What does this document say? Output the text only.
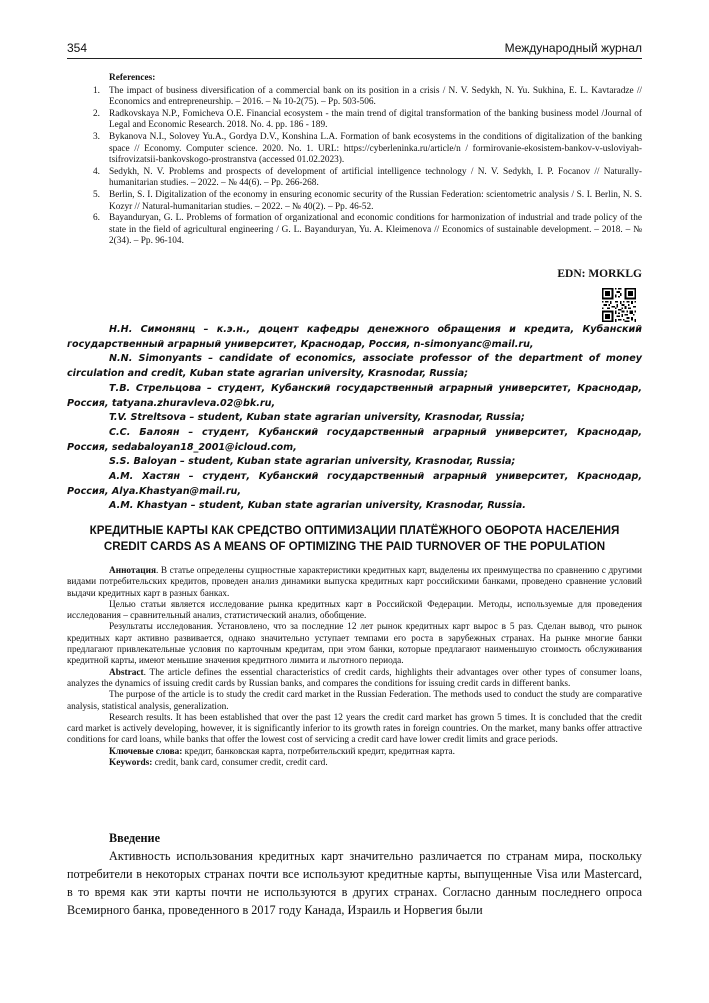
354	Международный журнал
References:
1. The impact of business diversification of a commercial bank on its position in a crisis / N. V. Sedykh, N. Yu. Sukhina, E. L. Kavtaradze // Economics and entrepreneurship. – 2016. – № 10-2(75). – Pp. 503-506.
2. Radkovskaya N.P., Fomicheva O.E. Financial ecosystem - the main trend of digital transformation of the banking business model /Journal of Legal and Economic Research. 2018. No. 4. pp. 186 - 189.
3. Bykanova N.I., Solovey Yu.A., Gordya D.V., Konshina L.A. Formation of bank ecosystems in the conditions of digitalization of the banking space // Economy. Computer science. 2020. No. 1. URL: https://cyberleninka.ru/article/n / formirovanie-ekosistem-bankov-v-usloviyah-tsifrovizatsii-bankovskogo-prostranstva (accessed 01.02.2023).
4. Sedykh, N. V. Problems and prospects of development of artificial intelligence technology / N. V. Sedykh, I. P. Focanov // Naturally-humanitarian studies. – 2022. – № 44(6). – Pp. 266-268.
5. Berlin, S. I. Digitalization of the economy in ensuring economic security of the Russian Federation: scientometric analysis / S. I. Berlin, N. S. Kozyr // Natural-humanitarian studies. – 2022. – № 40(2). – Pp. 46-52.
6. Bayanduryan, G. L. Problems of formation of organizational and economic conditions for harmonization of industrial and trade policy of the state in the field of agricultural engineering / G. L. Bayanduryan, Yu. A. Kleimenova // Economics of sustainable development. – 2018. – № 2(34). – Pp. 96-104.
EDN: MORKLG

Н.Н. Симонянц – к.э.н., доцент кафедры денежного обращения и кредита, Кубанский государственный аграрный университет, Краснодар, Россия, n-simonyanc@mail.ru,

N.N. Simonyants – candidate of economics, associate professor of the department of money circulation and credit, Kuban state agrarian university, Krasnodar, Russia;

Т.В. Стрельцова – студент, Кубанский государственный аграрный университет, Краснодар, Россия, tatyana.zhuravleva.02@bk.ru,

T.V. Streltsova – student, Kuban state agrarian university, Krasnodar, Russia;

С.С. Балоян – студент, Кубанский государственный аграрный университет, Краснодар, Россия, sedabaloyan18_2001@icloud.com,

S.S. Baloyan – student, Kuban state agrarian university, Krasnodar, Russia;

А.М. Хастян – студент, Кубанский государственный аграрный университет, Краснодар, Россия, Alya.Khastyan@mail.ru,

A.M. Khastyan – student, Kuban state agrarian university, Krasnodar, Russia.

КРЕДИТНЫЕ КАРТЫ КАК СРЕДСТВО ОПТИМИЗАЦИИ ПЛАТЁЖНОГО ОБОРОТА НАСЕЛЕНИЯ
CREDIT CARDS AS A MEANS OF OPTIMIZING THE PAID TURNOVER OF THE POPULATION

Аннотация. В статье определены сущностные характеристики кредитных карт, выделены их преимущества по сравнению с другими видами потребительских кредитов, проведен анализ динамики выпуска кредитных карт российскими банками, проведено сравнение условий выдачи кредитных карт в разных банках.

Целью статьи является исследование рынка кредитных карт в Российской Федерации. Методы, используемые для проведения исследования – сравнительный анализ, статистический анализ, обобщение.

Результаты исследования. Установлено, что за последние 12 лет рынок кредитных карт вырос в 5 раз. Сделан вывод, что рынок кредитных карт активно развивается, однако значительно уступает темпами его роста в зарубежных странах. На рынке многие банки предлагают привлекательные условия по карточным кредитам, при этом банки, которые предлагают наименьшую стоимость обслуживания кредитной карты, имеют меньшие значения кредитного лимита и льготного периода.

Abstract. The article defines the essential characteristics of credit cards, highlights their advantages over other types of consumer loans, analyzes the dynamics of issuing credit cards by Russian banks, and compares the conditions for issuing credit cards in different banks.

The purpose of the article is to study the credit card market in the Russian Federation. The methods used to conduct the study are comparative analysis, statistical analysis, generalization.

Research results. It has been established that over the past 12 years the credit card market has grown 5 times. It is concluded that the credit card market is actively developing, however, it is significantly inferior to its growth rates in foreign countries. On the market, many banks offer attractive conditions for card loans, while banks that offer the lowest cost of servicing a credit card have lower credit limits and grace periods.

Ключевые слова: кредит, банковская карта, потребительский кредит, кредитная карта.

Keywords: credit, bank card, consumer credit, credit card.

Введение

Активность использования кредитных карт значительно различается по странам мира, поскольку потребители в некоторых странах почти все используют кредитные карты, выпущенные Visa или Mastercard, в то время как эти карты почти не используются в других странах. Согласно данным последнего опроса Всемирного банка, проведенного в 2017 году Канада, Израиль и Норвегия были
